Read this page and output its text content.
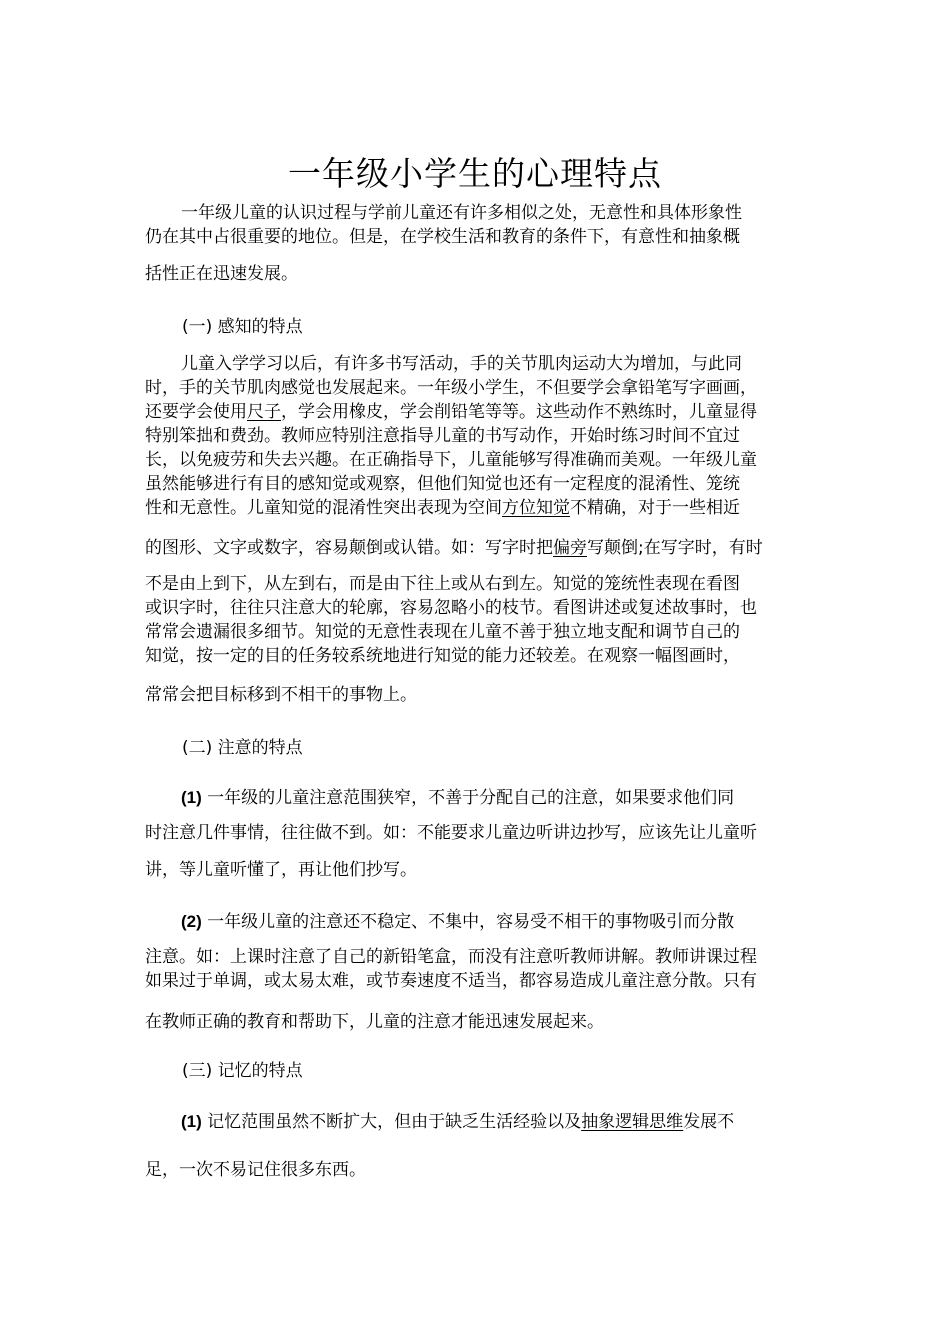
一年级小学生的心理特点
一年级儿童的认识过程与学前儿童还有许多相似之处，无意性和具体形象性
仍在其中占很重要的地位。但是，在学校生活和教育的条件下，有意性和抽象概
括性正在迅速发展。
(一) 感知的特点
儿童入学学习以后，有许多书写活动，手的关节肌肉运动大为增加，与此同
时，手的关节肌肉感觉也发展起来。一年级小学生，不但要学会拿铅笔写字画画，
还要学会使用尺子，学会用橡皮，学会削铅笔等等。这些动作不熟练时，儿童显得
特别笨拙和费劲。教师应特别注意指导儿童的书写动作，开始时练习时间不宜过
长，以免疲劳和失去兴趣。在正确指导下，儿童能够写得准确而美观。一年级儿童
虽然能够进行有目的感知觉或观察，但他们知觉也还有一定程度的混淆性、笼统
性和无意性。儿童知觉的混淆性突出表现为空间方位知觉不精确，对于一些相近
的图形、文字或数字，容易颠倒或认错。如：写字时把偏旁写颠倒;在写字时，有时
不是由上到下，从左到右，而是由下往上或从右到左。知觉的笼统性表现在看图
或识字时，往往只注意大的轮廓，容易忽略小的枝节。看图讲述或复述故事时，也
常常会遗漏很多细节。知觉的无意性表现在儿童不善于独立地支配和调节自己的
知觉，按一定的目的任务较系统地进行知觉的能力还较差。在观察一幅图画时，
常常会把目标移到不相干的事物上。
(二) 注意的特点
(1) 一年级的儿童注意范围狭窄，不善于分配自己的注意，如果要求他们同
时注意几件事情，往往做不到。如：不能要求儿童边听讲边抄写，应该先让儿童听
讲，等儿童听懂了，再让他们抄写。
(2) 一年级儿童的注意还不稳定、不集中，容易受不相干的事物吸引而分散
注意。如：上课时注意了自己的新铅笔盒，而没有注意听教师讲解。教师讲课过程
如果过于单调，或太易太难，或节奏速度不适当，都容易造成儿童注意分散。只有
在教师正确的教育和帮助下，儿童的注意才能迅速发展起来。
(三) 记忆的特点
(1) 记忆范围虽然不断扩大，但由于缺乏生活经验以及抽象逻辑思维发展不
足，一次不易记住很多东西。
